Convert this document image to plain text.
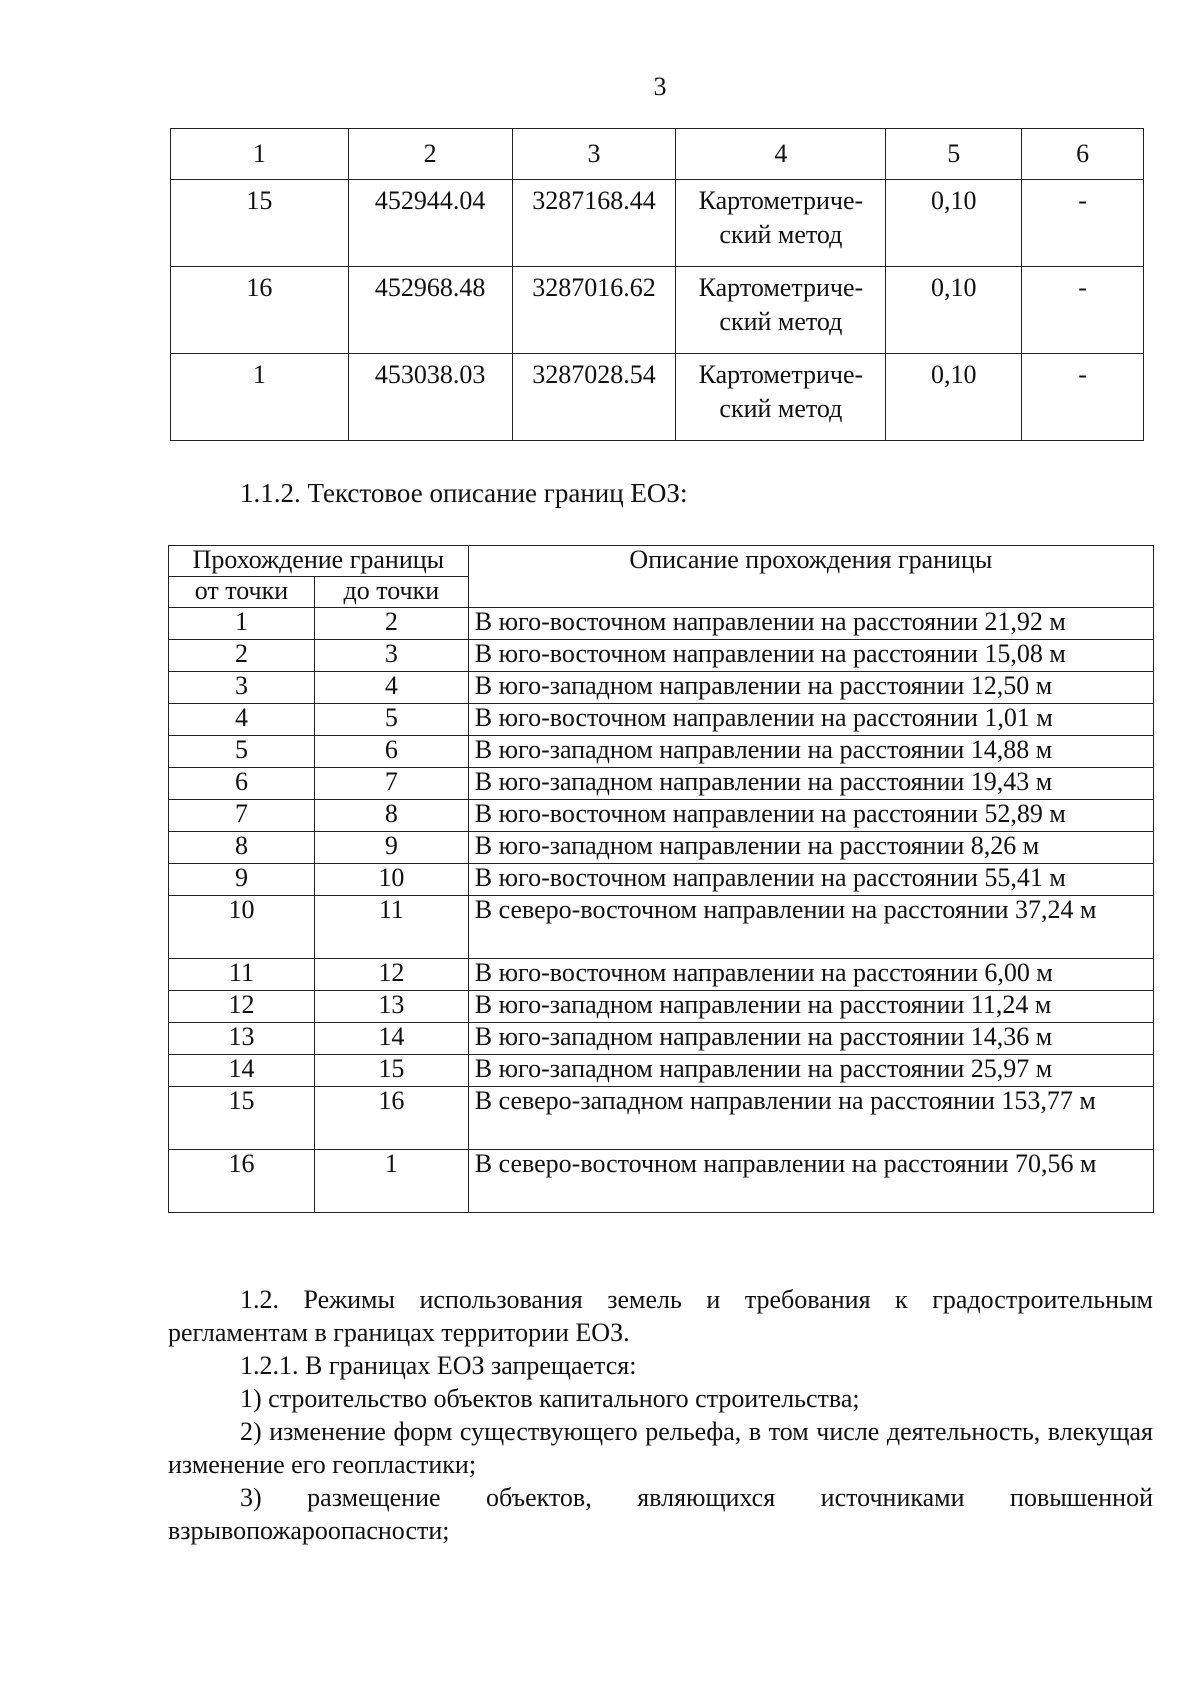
3
1	2	3	4	5	6
15	452944.04	3287168.44	Картометриче-ский метод	0,10	-
16	452968.48	3287016.62	Картометриче-ский метод	0,10	-
1	453038.03	3287028.54	Картометриче-ский метод	0,10	-
1.1.2. Текстовое описание границ ЕОЗ:
Прохождение границы		Описание прохождения границы
от точки	до точки	
1	2	В юго-восточном направлении на расстоянии 21,92 м
2	3	В юго-восточном направлении на расстоянии 15,08 м
3	4	В юго-западном направлении на расстоянии 12,50 м
4	5	В юго-восточном направлении на расстоянии 1,01 м
5	6	В юго-западном направлении на расстоянии 14,88 м
6	7	В юго-западном направлении на расстоянии 19,43 м
7	8	В юго-восточном направлении на расстоянии 52,89 м
8	9	В юго-западном направлении на расстоянии 8,26 м
9	10	В юго-восточном направлении на расстоянии 55,41 м
10	11	В северо-восточном направлении на расстоянии 37,24 м
11	12	В юго-восточном направлении на расстоянии 6,00 м
12	13	В юго-западном направлении на расстоянии 11,24 м
13	14	В юго-западном направлении на расстоянии 14,36 м
14	15	В юго-западном направлении на расстоянии 25,97 м
15	16	В северо-западном направлении на расстоянии 153,77 м
16	1	В северо-восточном направлении на расстоянии 70,56 м

1.2. Режимы использования земель и требования к градостроительным регламентам в границах территории ЕОЗ.

1.2.1. В границах ЕОЗ запрещается:

1) строительство объектов капитального строительства;

2) изменение форм существующего рельефа, в том числе деятельность, влекущая изменение его геопластики;

3) размещение объектов, являющихся источниками повышенной взрывопожароопасности;
